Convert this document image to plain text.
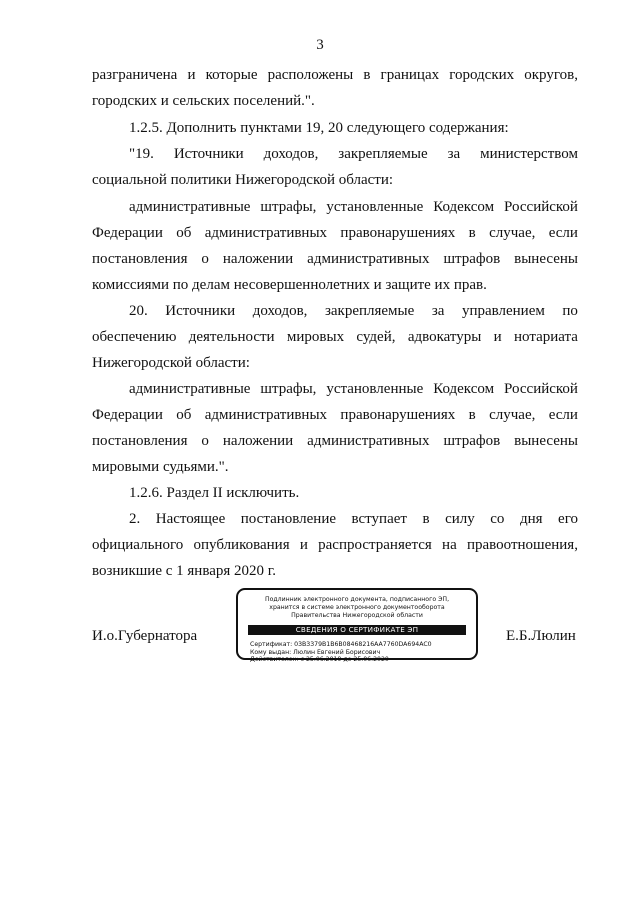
3
разграничена и которые расположены в границах городских округов,
городских и сельских поселений.".
1.2.5. Дополнить пунктами 19, 20 следующего содержания:
"19. Источники доходов, закрепляемые за министерством
социальной политики Нижегородской области:
административные штрафы, установленные Кодексом Российской
Федерации об административных правонарушениях в случае, если
постановления о наложении административных штрафов вынесены
комиссиями по делам несовершеннолетних и защите их прав.
20. Источники доходов, закрепляемые за управлением по
обеспечению деятельности мировых судей, адвокатуры и нотариата
Нижегородской области:
административные штрафы, установленные Кодексом Российской
Федерации об административных правонарушениях в случае, если
постановления о наложении административных штрафов вынесены
мировыми судьями.".
1.2.6. Раздел II исключить.
2. Настоящее постановление вступает в силу со дня его
официального опубликования и распространяется на правоотношения,
возникшие с 1 января 2020 г.
И.о.Губернатора	Е.Б.Люлин
Подлинник электронного документа, подписанного ЭП,
хранится в системе электронного документооборота
Правительства Нижегородской области
СВЕДЕНИЯ О СЕРТИФИКАТЕ ЭП
Сертификат: 03B3379B1B6B08468216AA7760DA694AC0
Кому выдан: Люлин Евгений Борисович
Действителен: с 25.06.2019 до 25.06.2020
